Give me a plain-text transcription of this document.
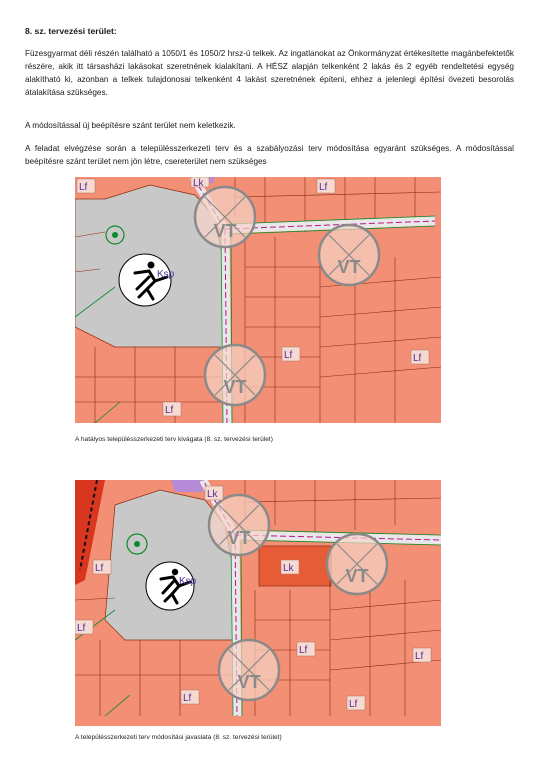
8. sz. tervezési terület:

Füzesgyarmat déli részén található a 1050/1 és 1050/2 hrsz-ú telkek. Az ingatlanokat az Önkormányzat értékesítette magánbefektetők részére, akik itt társasházi lakásokat szeretnének kialakítani. A HÉSZ alapján telkenként 2 lakás és 2 egyéb rendeltetési egység alakítható ki, azonban a telkek tulajdonosai telkenként 4 lakást szeretnének építeni, ehhez a jelenlegi építési övezeti besorolás átalakítása szükséges.

A módosítással új beépítésre szánt terület nem keletkezik.

A feladat elvégzése során a településszerkezeti terv és a szabályozási terv módosítása egyaránt szükséges. A módosítással beépítésre szánt terület nem jön létre, csereterület nem szükséges

Ksp
VT
VT
VT
Lf	Lk	Lf
Lf	Lf
Lf
Lf
A hatályos településszerkezeti terv kivágata (8. sz. tervezési terület)
Ksp
VT
VT
VT
Lk
Lk
Lf
Lf
Lf
Lf
Lf
Lf
A településszerkezeti terv módosítási javaslata (8. sz. tervezési terület)
